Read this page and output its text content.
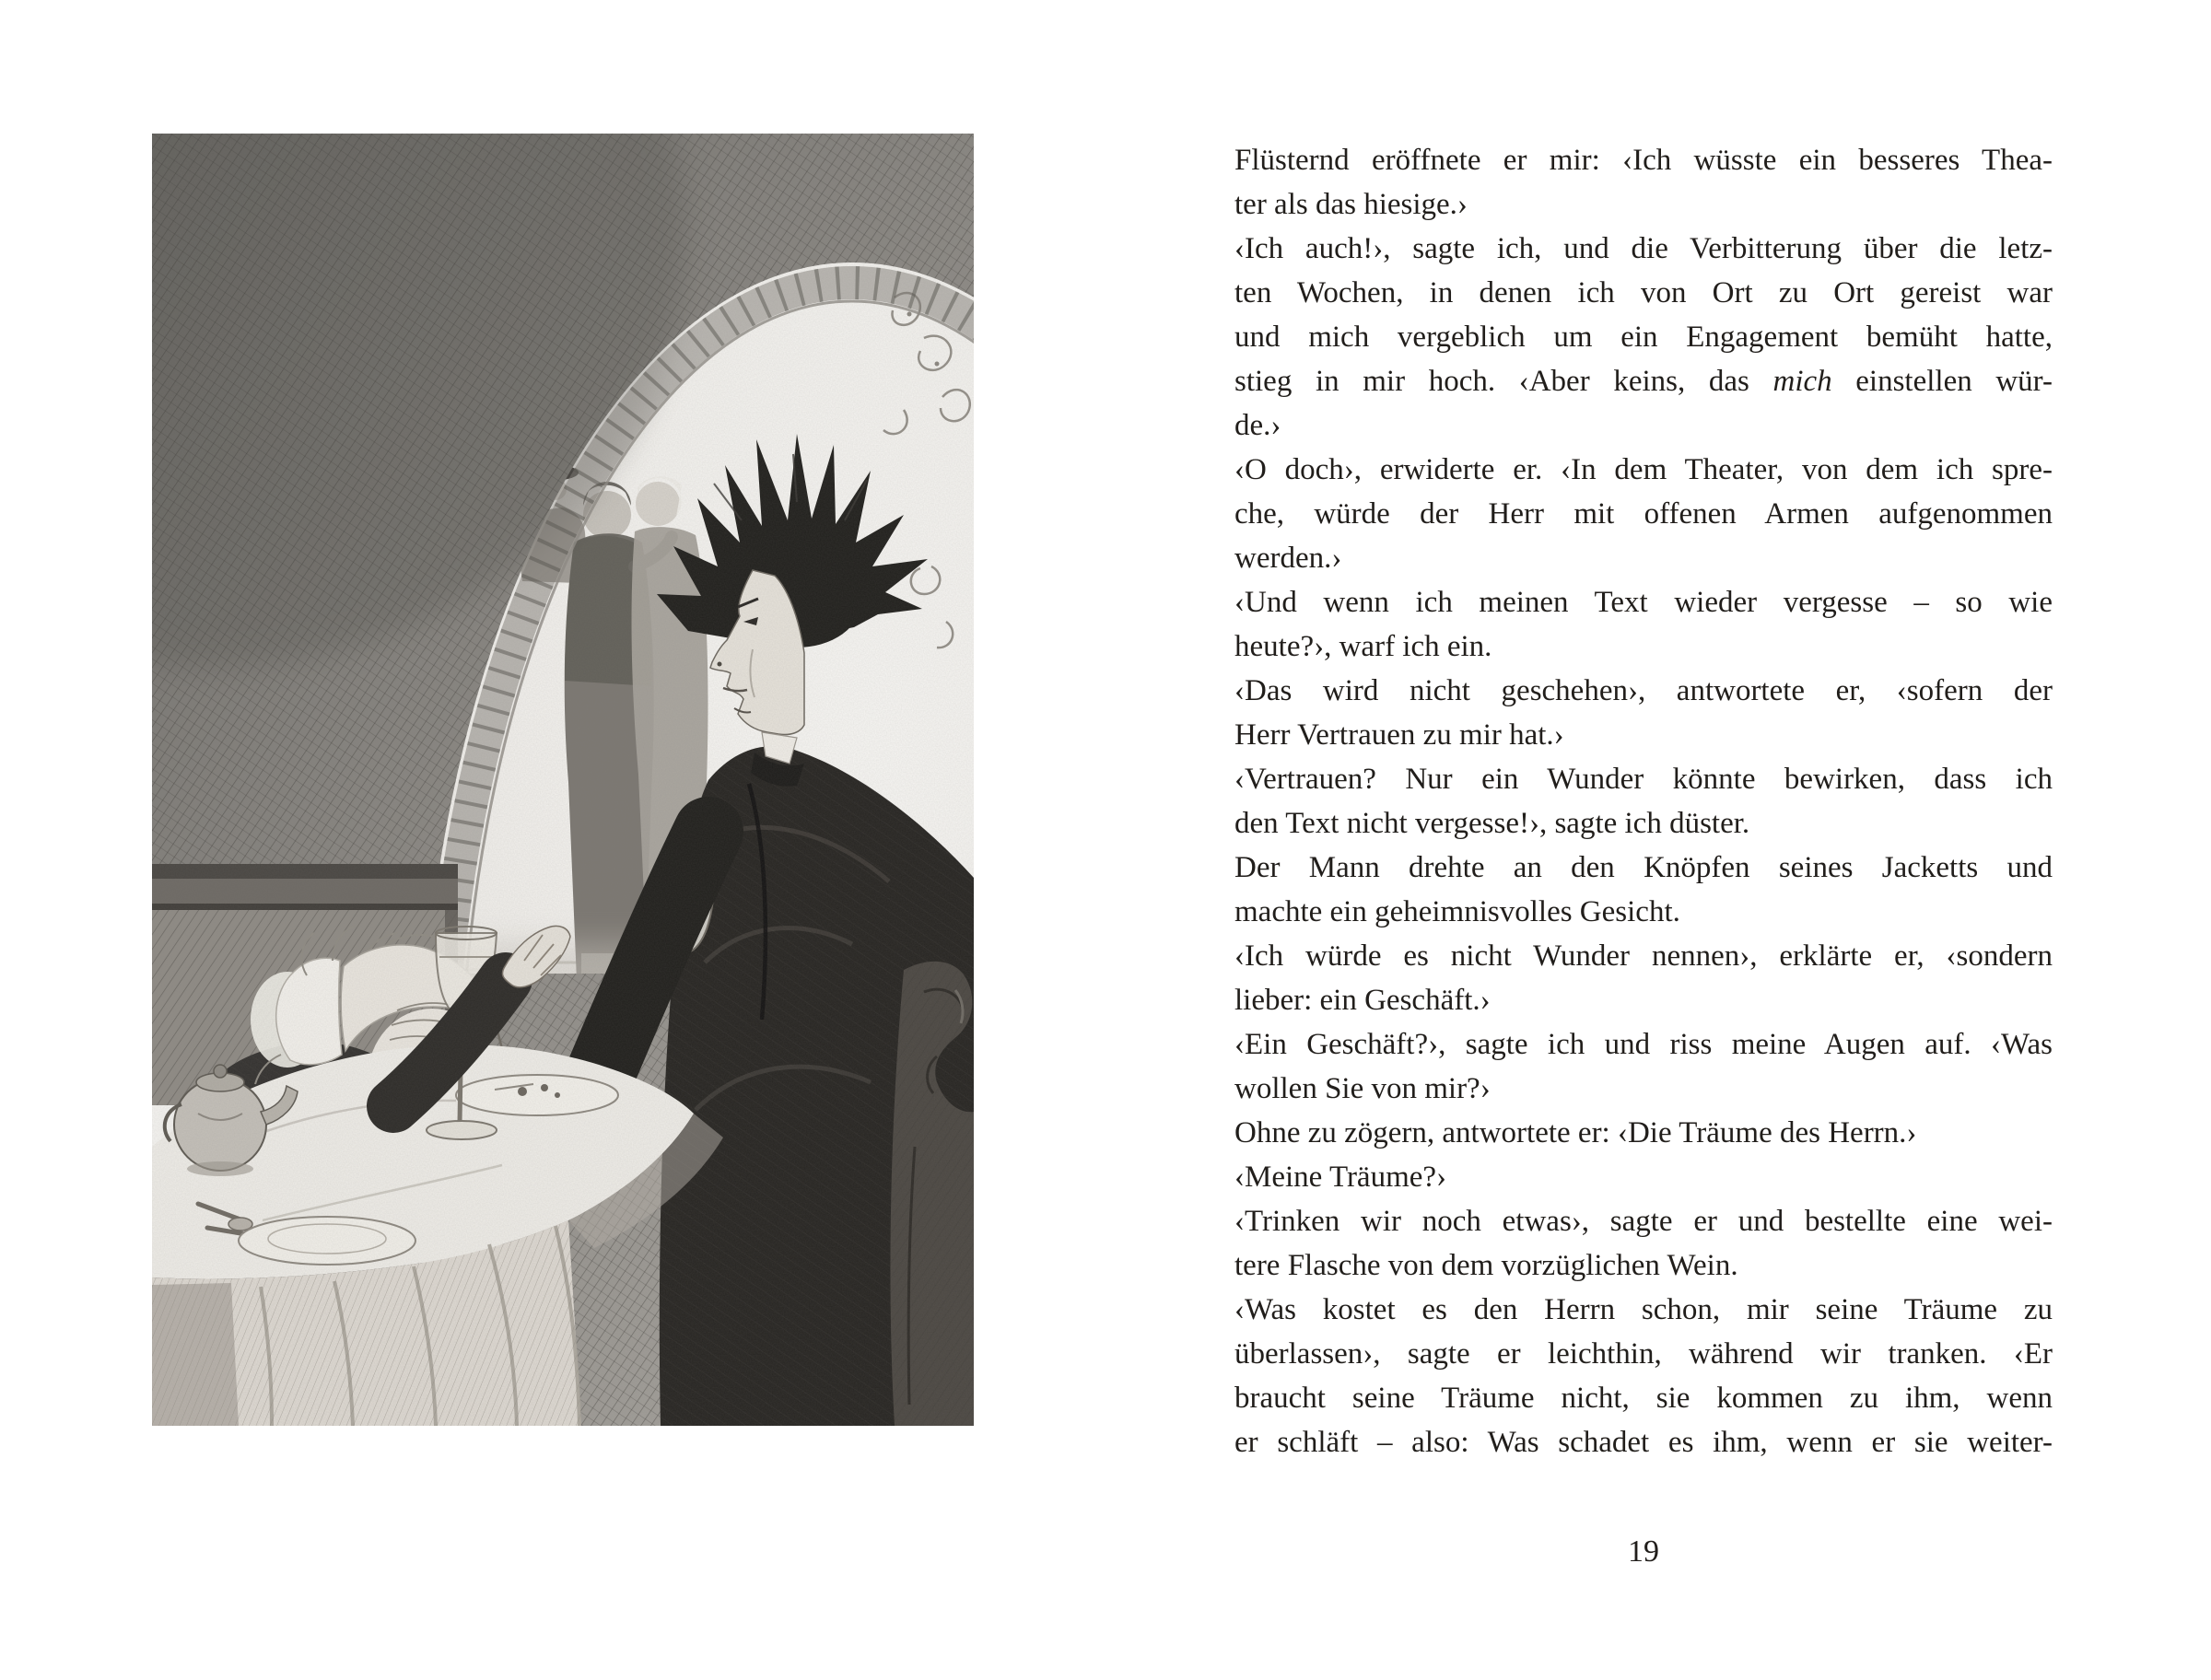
Flüsternd eröffnete er mir: ‹Ich wüsste ein besseres Thea-
ter als das hiesige.›
‹Ich auch!›, sagte ich, und die Verbitterung über die letz-
ten Wochen, in denen ich von Ort zu Ort gereist war
und mich vergeblich um ein Engagement bemüht hatte,
stieg in mir hoch. ‹Aber keins, das mich einstellen wür-
de.›
‹O doch›, erwiderte er. ‹In dem Theater, von dem ich spre-
che, würde der Herr mit offenen Armen aufgenommen
werden.›
‹Und wenn ich meinen Text wieder vergesse – so wie
heute?›, warf ich ein.
‹Das wird nicht geschehen›, antwortete er, ‹sofern der
Herr Vertrauen zu mir hat.›
‹Vertrauen? Nur ein Wunder könnte bewirken, dass ich
den Text nicht vergesse!›, sagte ich düster.
Der Mann drehte an den Knöpfen seines Jacketts und
machte ein geheimnisvolles Gesicht.
‹Ich würde es nicht Wunder nennen›, erklärte er, ‹sondern
lieber: ein Geschäft.›
‹Ein Geschäft?›, sagte ich und riss meine Augen auf. ‹Was
wollen Sie von mir?›
Ohne zu zögern, antwortete er: ‹Die Träume des Herrn.›
‹Meine Träume?›
‹Trinken wir noch etwas›, sagte er und bestellte eine wei-
tere Flasche von dem vorzüglichen Wein.
‹Was kostet es den Herrn schon, mir seine Träume zu
überlassen›, sagte er leichthin, während wir tranken. ‹Er
braucht seine Träume nicht, sie kommen zu ihm, wenn
er schläft – also: Was schadet es ihm, wenn er sie weiter-
19
